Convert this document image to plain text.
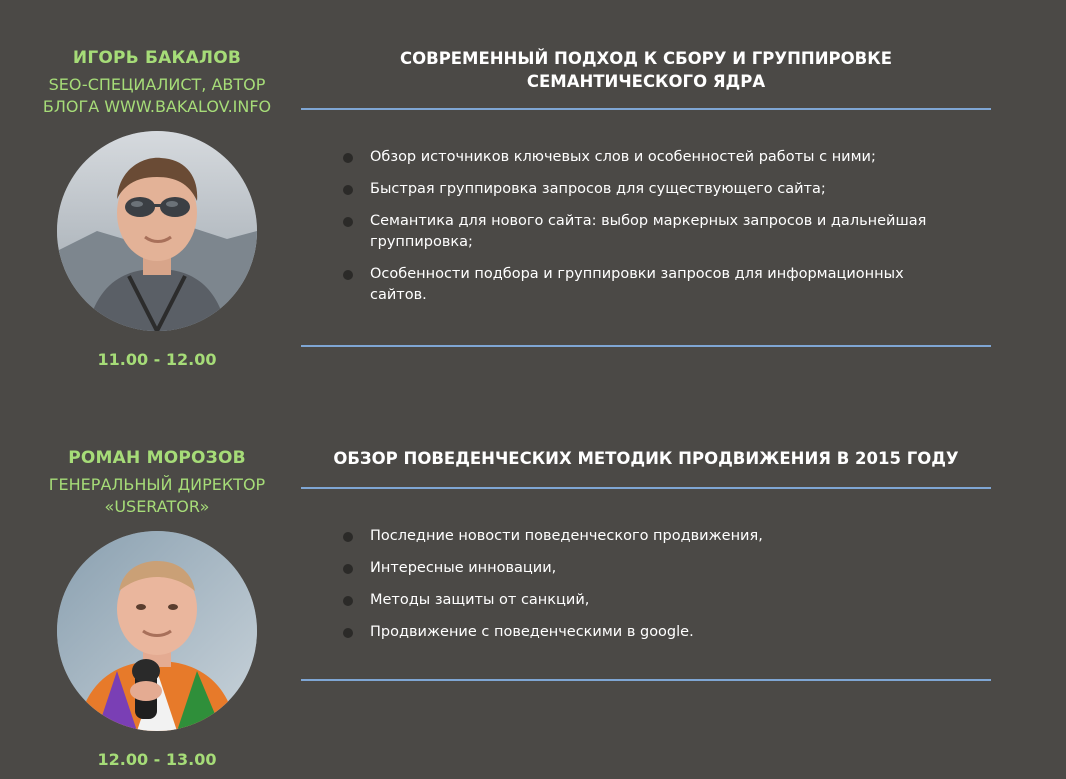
ИГОРЬ БАКАЛОВ
SEO-СПЕЦИАЛИСТ, АВТОР БЛОГА WWW.BAKALOV.INFO
11.00 - 12.00
СОВРЕМЕННЫЙ ПОДХОД К СБОРУ И ГРУППИРОВКЕ СЕМАНТИЧЕСКОГО ЯДРА
Обзор источников ключевых слов и особенностей работы с ними;
Быстрая группировка запросов для существующего сайта;
Семантика для нового сайта: выбор маркерных запросов и дальнейшая группировка;
Особенности подбора и группировки запросов для информационных сайтов.
РОМАН МОРОЗОВ
ГЕНЕРАЛЬНЫЙ ДИРЕКТОР «USERATOR»
12.00 - 13.00
ОБЗОР ПОВЕДЕНЧЕСКИХ МЕТОДИК ПРОДВИЖЕНИЯ В 2015 ГОДУ
Последние новости поведенческого продвижения,
Интересные инновации,
Методы защиты от санкций,
Продвижение с поведенческими в google.
